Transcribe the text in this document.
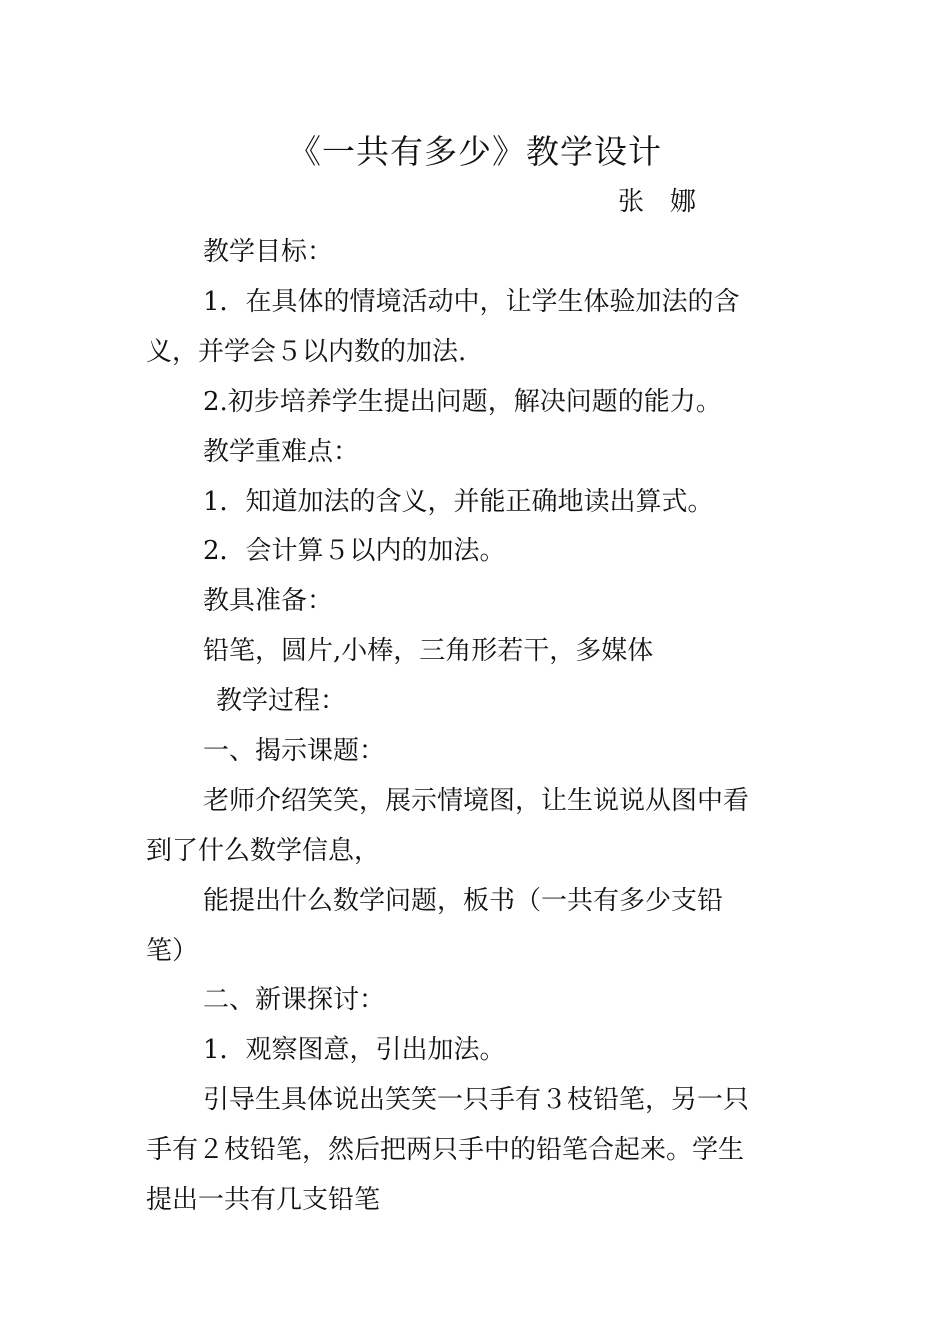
《一共有多少》教学设计
张　娜
教学目标：
1．在具体的情境活动中，让学生体验加法的含
义，并学会５以内数的加法.
2.初步培养学生提出问题，解决问题的能力。
教学重难点：
1．知道加法的含义，并能正确地读出算式。
2．会计算５以内的加法。
教具准备：
铅笔，圆片,小棒，三角形若干，多媒体
教学过程：
一、揭示课题：
老师介绍笑笑，展示情境图，让生说说从图中看
到了什么数学信息，
能提出什么数学问题，板书（一共有多少支铅
笔）
二、新课探讨：
1．观察图意，引出加法。
引导生具体说出笑笑一只手有３枝铅笔，另一只
手有２枝铅笔，然后把两只手中的铅笔合起来。学生
提出一共有几支铅笔
